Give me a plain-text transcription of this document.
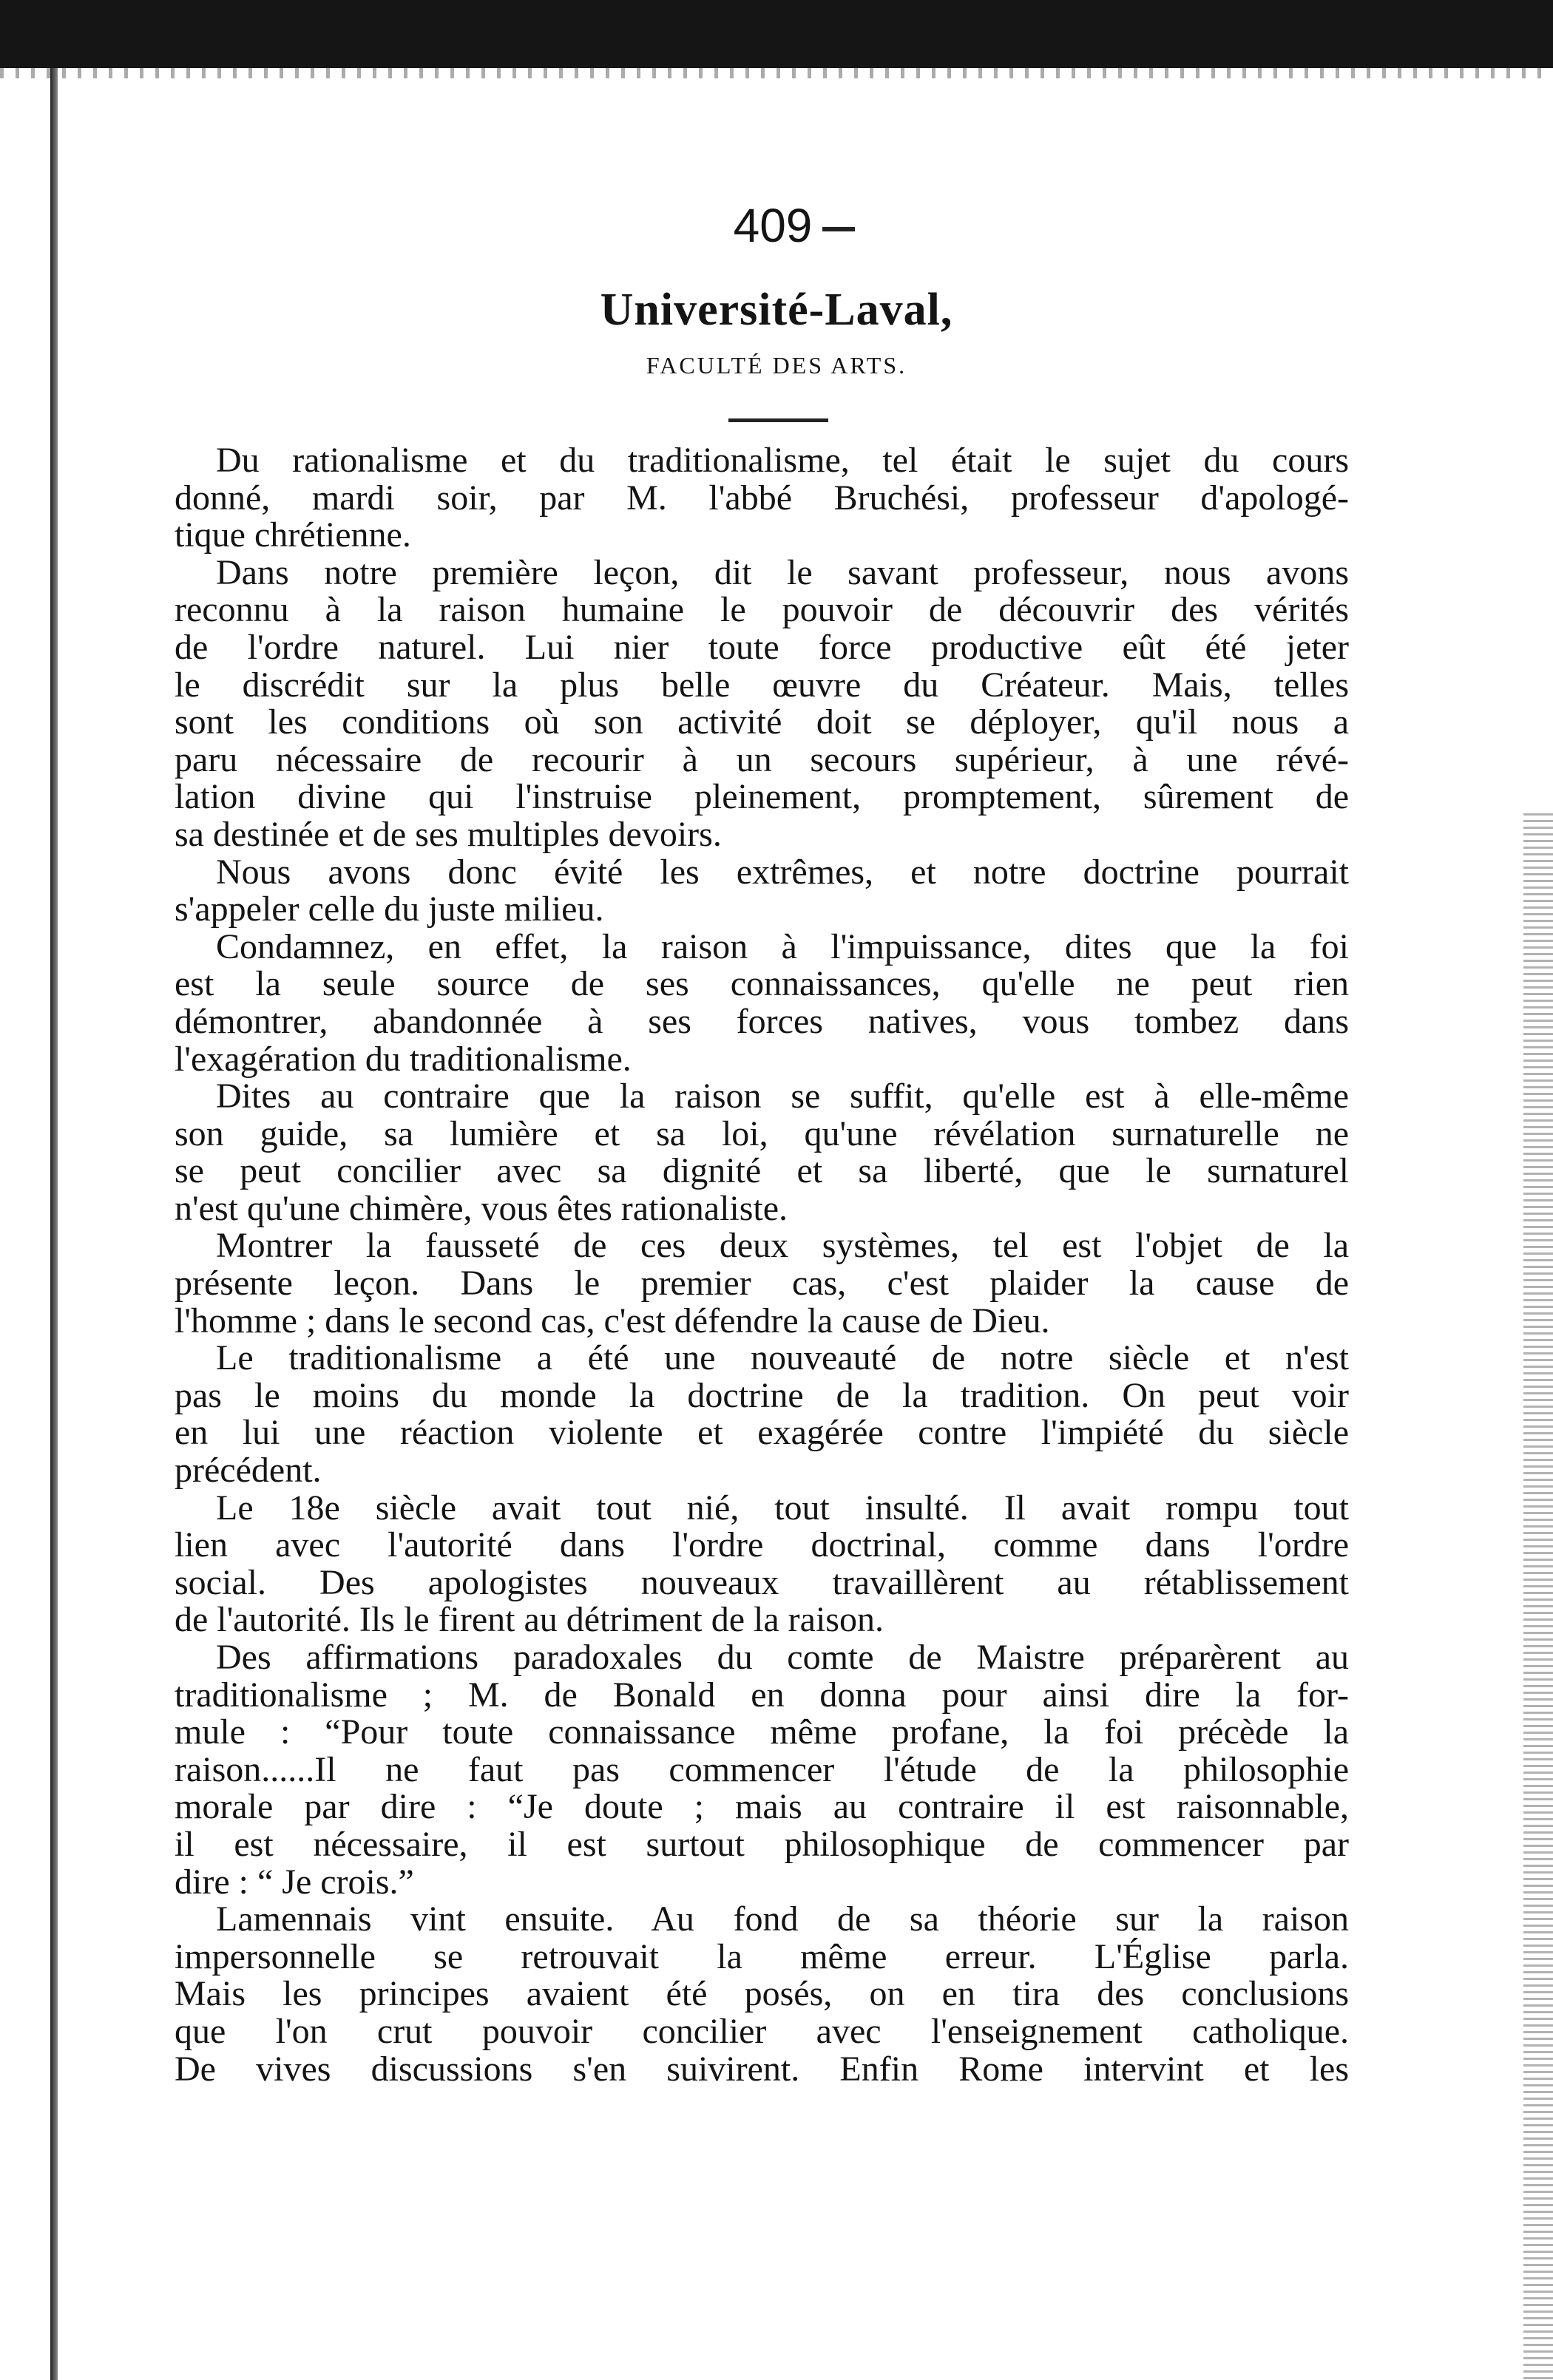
409
Université-Laval,
FACULTÉ DES ARTS.
Du rationalisme et du traditionalisme, tel était le sujet du cours
donné, mardi soir, par M. l'abbé Bruchési, professeur d'apologé-
tique chrétienne.
Dans notre première leçon, dit le savant professeur, nous avons
reconnu à la raison humaine le pouvoir de découvrir des vérités
de l'ordre naturel. Lui nier toute force productive eût été jeter
le discrédit sur la plus belle œuvre du Créateur. Mais, telles
sont les conditions où son activité doit se déployer, qu'il nous a
paru nécessaire de recourir à un secours supérieur, à une révé-
lation divine qui l'instruise pleinement, promptement, sûrement de
sa destinée et de ses multiples devoirs.
Nous avons donc évité les extrêmes, et notre doctrine pourrait
s'appeler celle du juste milieu.
Condamnez, en effet, la raison à l'impuissance, dites que la foi
est la seule source de ses connaissances, qu'elle ne peut rien
démontrer, abandonnée à ses forces natives, vous tombez dans
l'exagération du traditionalisme.
Dites au contraire que la raison se suffit, qu'elle est à elle-même
son guide, sa lumière et sa loi, qu'une révélation surnaturelle ne
se peut concilier avec sa dignité et sa liberté, que le surnaturel
n'est qu'une chimère, vous êtes rationaliste.
Montrer la fausseté de ces deux systèmes, tel est l'objet de la
présente leçon. Dans le premier cas, c'est plaider la cause de
l'homme ; dans le second cas, c'est défendre la cause de Dieu.
Le traditionalisme a été une nouveauté de notre siècle et n'est
pas le moins du monde la doctrine de la tradition. On peut voir
en lui une réaction violente et exagérée contre l'impiété du siècle
précédent.
Le 18e siècle avait tout nié, tout insulté. Il avait rompu tout
lien avec l'autorité dans l'ordre doctrinal, comme dans l'ordre
social. Des apologistes nouveaux travaillèrent au rétablissement
de l'autorité. Ils le firent au détriment de la raison.
Des affirmations paradoxales du comte de Maistre préparèrent au
traditionalisme ; M. de Bonald en donna pour ainsi dire la for-
mule : “Pour toute connaissance même profane, la foi précède la
raison......Il ne faut pas commencer l'étude de la philosophie
morale par dire : “Je doute ; mais au contraire il est raisonnable,
il est nécessaire, il est surtout philosophique de commencer par
dire : “ Je crois.”
Lamennais vint ensuite. Au fond de sa théorie sur la raison
impersonnelle se retrouvait la même erreur. L'Église parla.
Mais les principes avaient été posés, on en tira des conclusions
que l'on crut pouvoir concilier avec l'enseignement catholique.
De vives discussions s'en suivirent. Enfin Rome intervint et les
